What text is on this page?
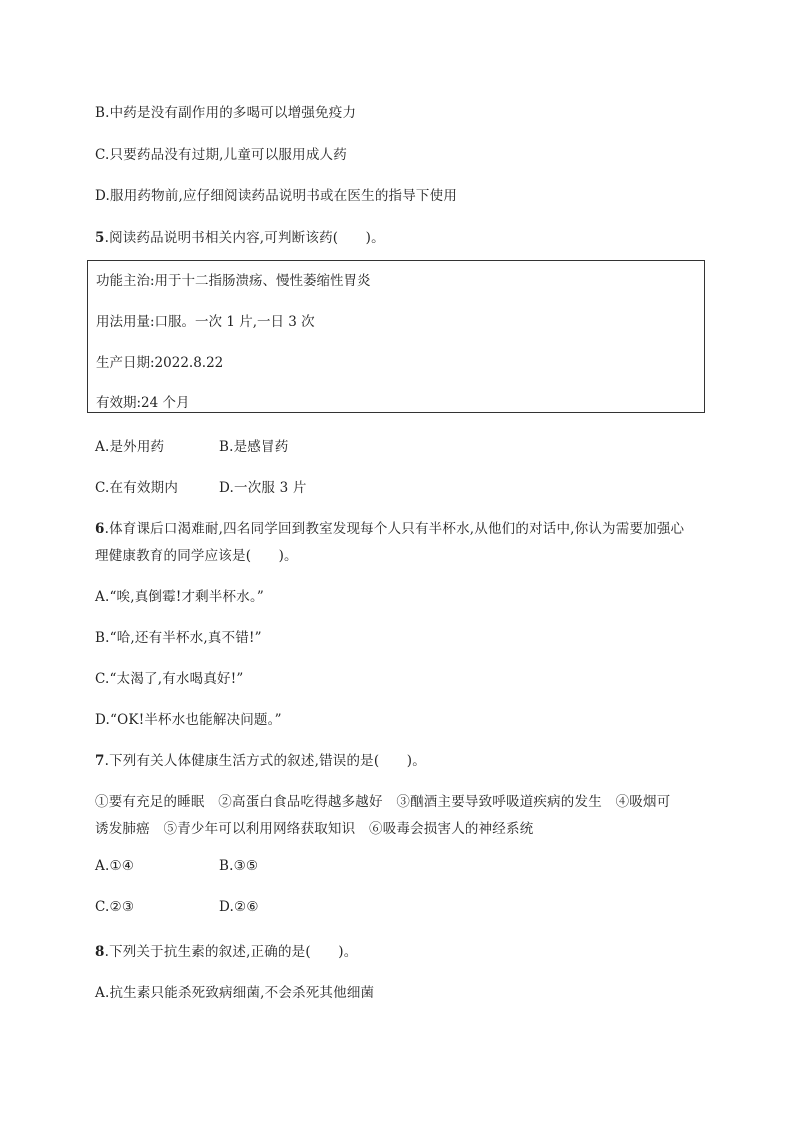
B.中药是没有副作用的多喝可以增强免疫力
C.只要药品没有过期,儿童可以服用成人药
D.服用药物前,应仔细阅读药品说明书或在医生的指导下使用
5.阅读药品说明书相关内容,可判断该药(　　)。
功能主治:用于十二指肠溃疡、慢性萎缩性胃炎
用法用量:口服。一次 1 片,一日 3 次
生产日期:2022.8.22
有效期:24 个月
A.是外用药	B.是感冒药
C.在有效期内	D.一次服 3 片
6.体育课后口渴难耐,四名同学回到教室发现每个人只有半杯水,从他们的对话中,你认为需要加强心
理健康教育的同学应该是(　　)。
A.“唉,真倒霉!才剩半杯水。”
B.“哈,还有半杯水,真不错!”
C.“太渴了,有水喝真好!”
D.“OK!半杯水也能解决问题。”
7.下列有关人体健康生活方式的叙述,错误的是(　　)。
①要有充足的睡眠　②高蛋白食品吃得越多越好　③酗酒主要导致呼吸道疾病的发生　④吸烟可
诱发肺癌　⑤青少年可以利用网络获取知识　⑥吸毒会损害人的神经系统
A.①④	B.③⑤
C.②③	D.②⑥
8.下列关于抗生素的叙述,正确的是(　　)。
A.抗生素只能杀死致病细菌,不会杀死其他细菌
